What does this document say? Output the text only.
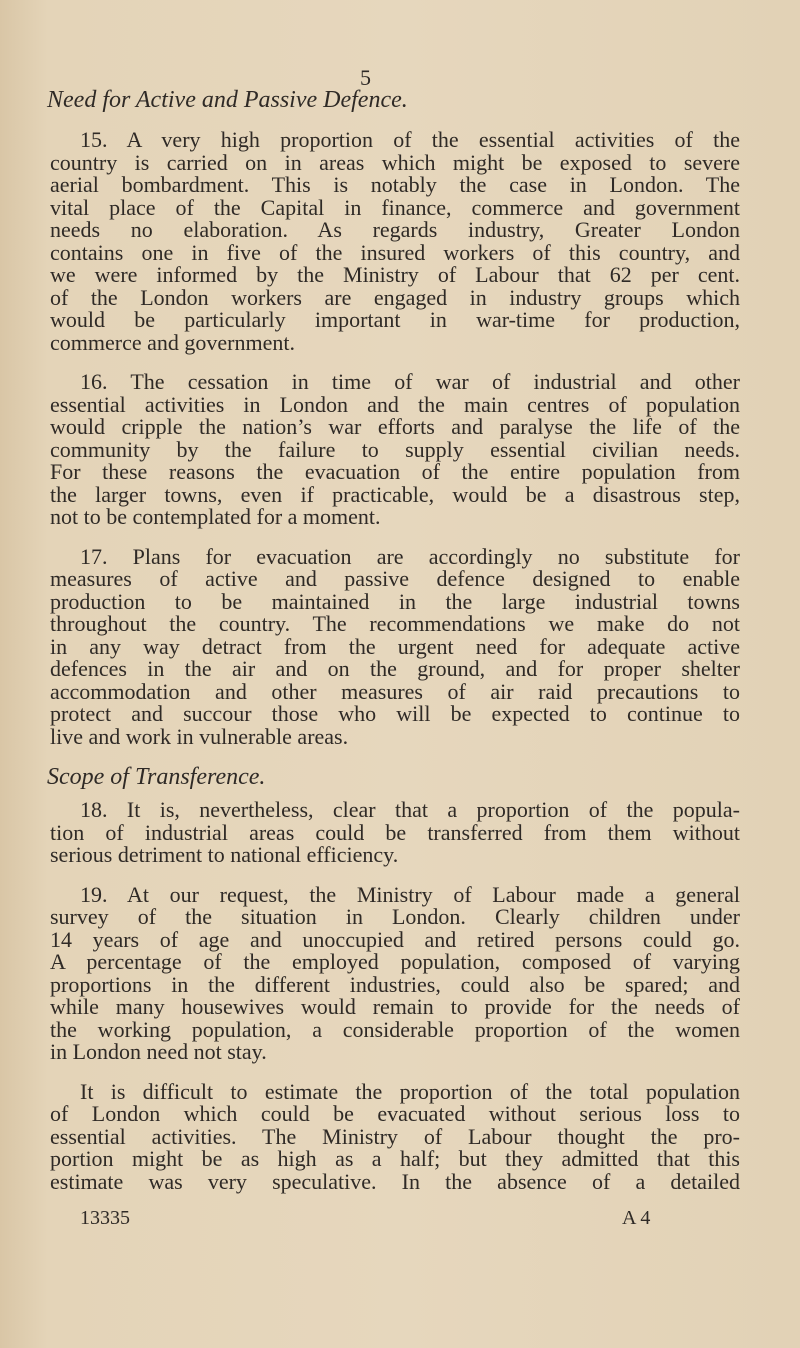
5
Need for Active and Passive Defence.
15. A very high proportion of the essential activities of the
country is carried on in areas which might be exposed to severe
aerial bombardment. This is notably the case in London. The
vital place of the Capital in finance, commerce and government
needs no elaboration. As regards industry, Greater London
contains one in five of the insured workers of this country, and
we were informed by the Ministry of Labour that 62 per cent.
of the London workers are engaged in industry groups which
would be particularly important in war-time for production,
commerce and government.
16. The cessation in time of war of industrial and other
essential activities in London and the main centres of population
would cripple the nation’s war efforts and paralyse the life of the
community by the failure to supply essential civilian needs.
For these reasons the evacuation of the entire population from
the larger towns, even if practicable, would be a disastrous step,
not to be contemplated for a moment.
17. Plans for evacuation are accordingly no substitute for
measures of active and passive defence designed to enable
production to be maintained in the large industrial towns
throughout the country. The recommendations we make do not
in any way detract from the urgent need for adequate active
defences in the air and on the ground, and for proper shelter
accommodation and other measures of air raid precautions to
protect and succour those who will be expected to continue to
live and work in vulnerable areas.
Scope of Transference.
18. It is, nevertheless, clear that a proportion of the popula-
tion of industrial areas could be transferred from them without
serious detriment to national efficiency.
19. At our request, the Ministry of Labour made a general
survey of the situation in London. Clearly children under
14 years of age and unoccupied and retired persons could go.
A percentage of the employed population, composed of varying
proportions in the different industries, could also be spared; and
while many housewives would remain to provide for the needs of
the working population, a considerable proportion of the women
in London need not stay.
It is difficult to estimate the proportion of the total population
of London which could be evacuated without serious loss to
essential activities. The Ministry of Labour thought the pro-
portion might be as high as a half; but they admitted that this
estimate was very speculative. In the absence of a detailed
13335	A 4
